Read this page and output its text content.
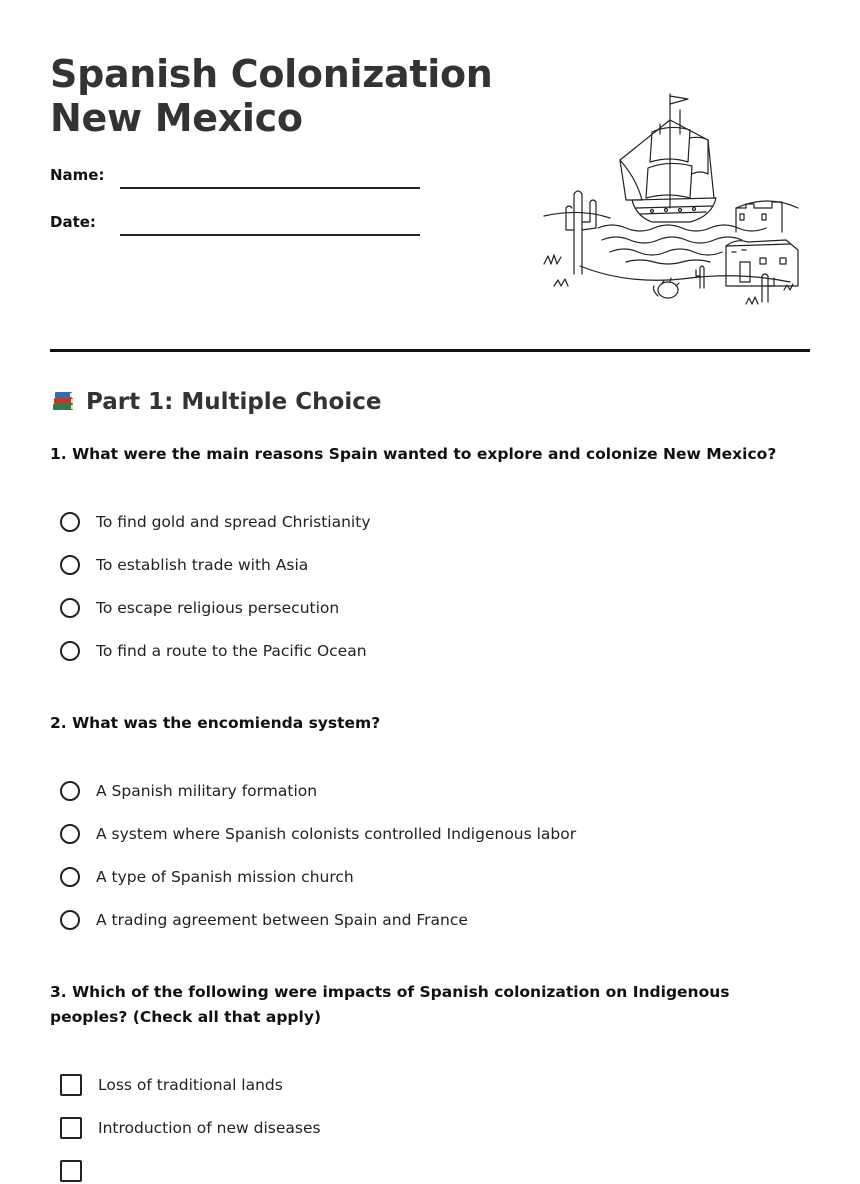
Spanish Colonization
New Mexico
Name:
Date:
Part 1: Multiple Choice

1. What were the main reasons Spain wanted to explore and colonize New Mexico?

To find gold and spread Christianity
To establish trade with Asia
To escape religious persecution
To find a route to the Pacific Ocean

2. What was the encomienda system?

A Spanish military formation
A system where Spanish colonists controlled Indigenous labor
A type of Spanish mission church
A trading agreement between Spain and France

3. Which of the following were impacts of Spanish colonization on Indigenous peoples? (Check all that apply)

Loss of traditional lands
Introduction of new diseases
